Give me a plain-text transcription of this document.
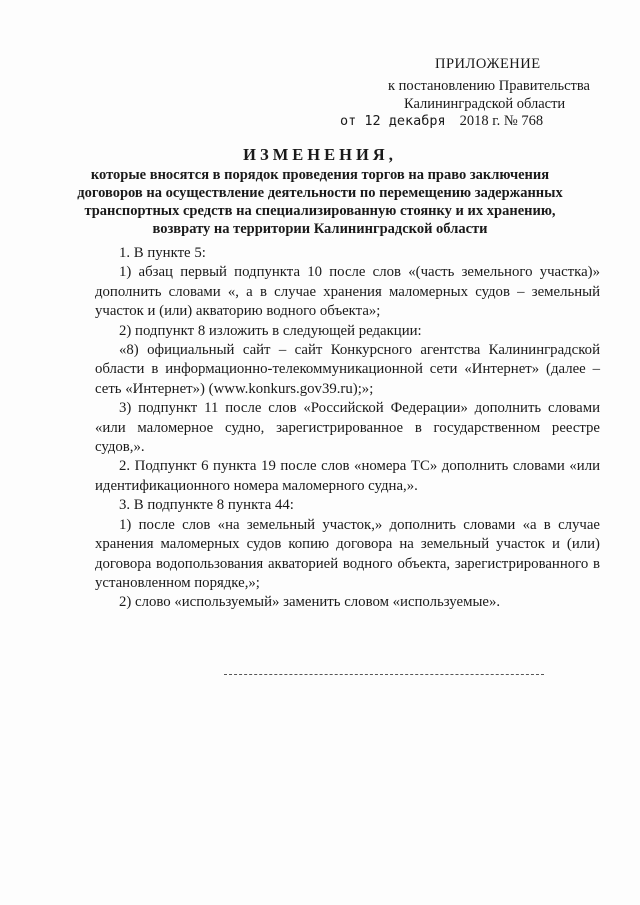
ПРИЛОЖЕНИЕ
к постановлению Правительства
Калининградской области
от 12 декабря 2018 г. № 768
ИЗМЕНЕНИЯ,
которые вносятся в порядок проведения торгов на право заключения договоров на осуществление деятельности по перемещению задержанных транспортных средств на специализированную стоянку и их хранению, возврату на территории Калининградской области

1. В пункте 5:

1) абзац первый подпункта 10 после слов «(часть земельного участка)» дополнить словами «, а в случае хранения маломерных судов – земельный участок и (или) акваторию водного объекта»;

2) подпункт 8 изложить в следующей редакции:

«8) официальный сайт – сайт Конкурсного агентства Калининградской области в информационно-телекоммуникационной сети «Интернет» (далее – сеть «Интернет») (www.konkurs.gov39.ru);»;

3) подпункт 11 после слов «Российской Федерации» дополнить словами «или маломерное судно, зарегистрированное в государственном реестре судов,».

2. Подпункт 6 пункта 19 после слов «номера ТС» дополнить словами «или идентификационного номера маломерного судна,».

3. В подпункте 8 пункта 44:

1) после слов «на земельный участок,» дополнить словами «а в случае хранения маломерных судов копию договора на земельный участок и (или) договора водопользования акваторией водного объекта, зарегистрированного в установленном порядке,»;

2) слово «используемый» заменить словом «используемые».
